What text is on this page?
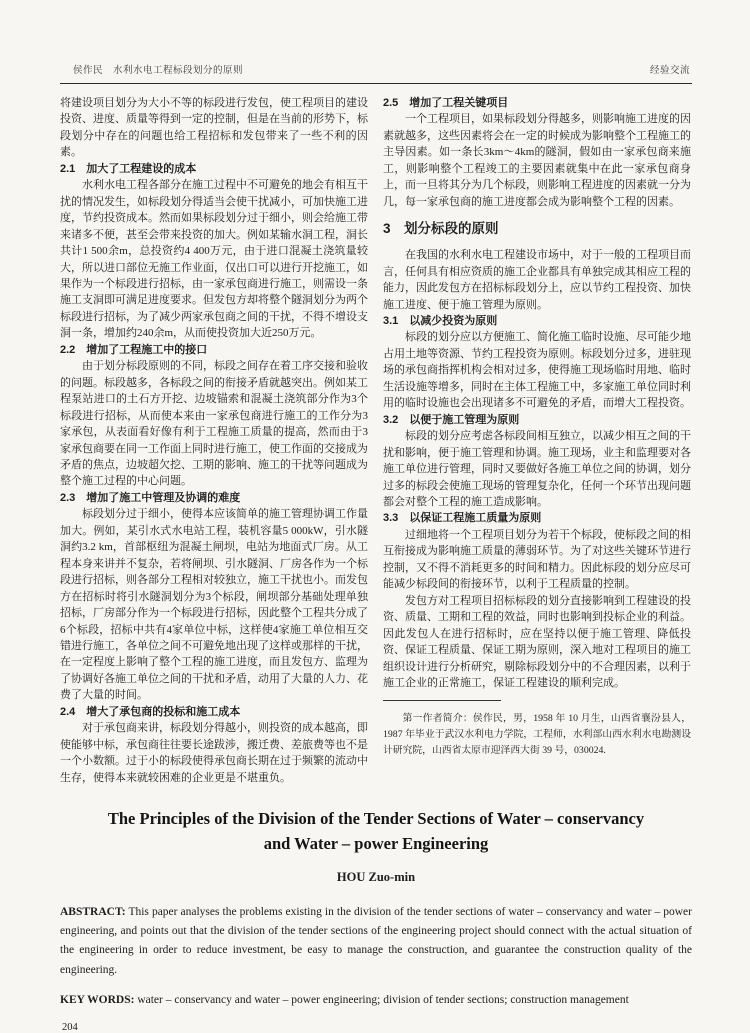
侯作民　水利水电工程标段划分的原则	经验交流

将建设项目划分为大小不等的标段进行发包，使工程项目的建设投资、进度、质量等得到一定的控制，但是在当前的形势下，标段划分中存在的问题也给工程招标和发包带来了一些不利的因素。

2.1　加大了工程建设的成本

水利水电工程各部分在施工过程中不可避免的地会有相互干扰的情况发生，如标段划分得适当会使干扰减小，可加快施工进度，节约投资成本。然而如果标段划分过于细小，则会给施工带来诸多不便，甚至会带来投资的加大。例如某输水洞工程，洞长共计1 500余m，总投资约4 400万元，由于进口混凝土浇筑量较大，所以进口部位无施工作业面，仅出口可以进行开挖施工，如果作为一个标段进行招标，由一家承包商进行施工，则需设一条施工支洞即可满足进度要求。但发包方却将整个隧洞划分为两个标段进行招标，为了减少两家承包商之间的干扰，不得不增设支洞一条，增加约240余m，从而使投资加大近250万元。

2.2　增加了工程施工中的接口

由于划分标段原则的不同，标段之间存在着工序交接和验收的问题。标段越多，各标段之间的衔接矛盾就越突出。例如某工程泵站进口的土石方开挖、边坡锚索和混凝土浇筑部分作为3个标段进行招标，从而使本来由一家承包商进行施工的工作分为3家承包，从表面看好像有利于工程施工质量的提高，然而由于3家承包商要在同一工作面上同时进行施工，使工作面的交接成为矛盾的焦点，边坡超欠挖、工期的影响、施工的干扰等问题成为整个施工过程的中心问题。

2.3　增加了施工中管理及协调的难度

标段划分过于细小，使得本应该简单的施工管理协调工作量加大。例如，某引水式水电站工程，装机容量5 000kW，引水隧洞约3.2 km，首部枢纽为混凝土闸坝，电站为地面式厂房。从工程本身来讲并不复杂，若将闸坝、引水隧洞、厂房各作为一个标段进行招标，则各部分工程相对较独立，施工干扰也小。而发包方在招标时将引水隧洞划分为3个标段，闸坝部分基础处理单独招标，厂房部分作为一个标段进行招标，因此整个工程共分成了6个标段，招标中共有4家单位中标，这样使4家施工单位相互交错进行施工，各单位之间不可避免地出现了这样或那样的干扰，在一定程度上影响了整个工程的施工进度，而且发包方、监理为了协调好各施工单位之间的干扰和矛盾，动用了大量的人力、花费了大量的时间。

2.4　增大了承包商的投标和施工成本

对于承包商来讲，标段划分得越小，则投资的成本越高，即使能够中标，承包商往往要长途跋涉，搬迁费、差旅费等也不是一个小数额。过于小的标段使得承包商长期在过于频繁的流动中生存，使得本来就较困难的企业更是不堪重负。

2.5　增加了工程关键项目

一个工程项目，如果标段划分得越多，则影响施工进度的因素就越多，这些因素将会在一定的时候成为影响整个工程施工的主导因素。如一条长3km～4km的隧洞，假如由一家承包商来施工，则影响整个工程竣工的主要因素就集中在此一家承包商身上，而一旦将其分为几个标段，则影响工程进度的因素就一分为几，每一家承包商的施工进度都会成为影响整个工程的因素。

3　划分标段的原则

在我国的水利水电工程建设市场中，对于一般的工程项目而言，任何具有相应资质的施工企业都具有单独完成其相应工程的能力，因此发包方在招标标段划分上，应以节约工程投资、加快施工进度、便于施工管理为原则。

3.1　以减少投资为原则

标段的划分应以方便施工、简化施工临时设施、尽可能少地占用土地等资源、节约工程投资为原则。标段划分过多，进驻现场的承包商指挥机构会相对过多，使得施工现场临时用地、临时生活设施等增多，同时在主体工程施工中，多家施工单位同时利用的临时设施也会出现诸多不可避免的矛盾，而增大工程投资。

3.2　以便于施工管理为原则

标段的划分应考虑各标段间相互独立，以减少相互之间的干扰和影响，便于施工管理和协调。施工现场，业主和监理要对各施工单位进行管理，同时又要做好各施工单位之间的协调，划分过多的标段会使施工现场的管理复杂化，任何一个环节出现问题都会对整个工程的施工造成影响。

3.3　以保证工程施工质量为原则

过细地将一个工程项目划分为若干个标段，使标段之间的相互衔接成为影响施工质量的薄弱环节。为了对这些关键环节进行控制，又不得不消耗更多的时间和精力。因此标段的划分应尽可能减少标段间的衔接环节，以利于工程质量的控制。

发包方对工程项目招标标段的划分直接影响到工程建设的投资、质量、工期和工程的效益，同时也影响到投标企业的利益。因此发包人在进行招标时，应在坚持以便于施工管理、降低投资、保证工程质量、保证工期为原则，深入地对工程项目的施工组织设计进行分析研究，剔除标段划分中的不合理因素，以利于施工企业的正常施工，保证工程建设的顺利完成。

第一作者简介：侯作民，男，1958 年 10 月生，山西省襄汾县人，1987 年毕业于武汉水利电力学院，工程师，水利部山西水利水电勘测设计研究院，山西省太原市迎泽西大街 39 号，030024.

The Principles of the Division of the Tender Sections of Water – conservancy
and Water – power Engineering
HOU Zuo-min

ABSTRACT: This paper analyses the problems existing in the division of the tender sections of water – conservancy and water – power engineering, and points out that the division of the tender sections of the engineering project should connect with the actual situation of the engineering in order to reduce investment, be easy to manage the construction, and guarantee the construction quality of the engineering.

KEY WORDS: water – conservancy and water – power engineering; division of tender sections; construction management

204
